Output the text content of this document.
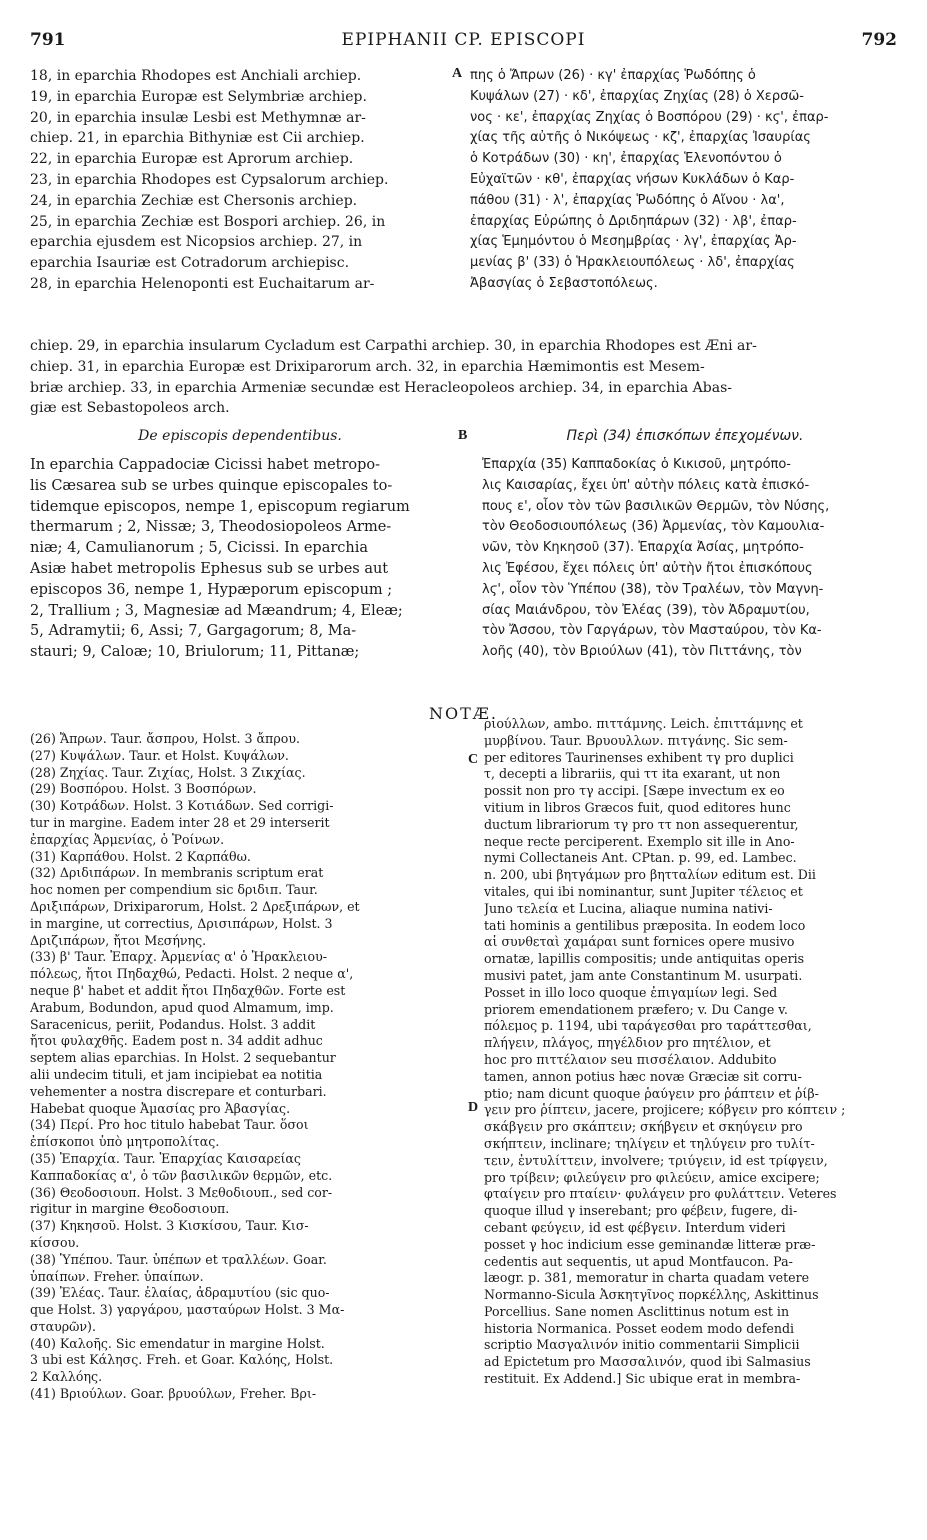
791	EPIPHANII CP. EPISCOPI	792
18, in eparchia Rhodopes est Anchiali archiep.
19, in eparchia Europæ est Selymbriæ archiep.
20, in eparchia insulæ Lesbi est Methymnæ ar-
chiep. 21, in eparchia Bithyniæ est Cii archiep.
22, in eparchia Europæ est Aprorum archiep.
23, in eparchia Rhodopes est Cypsalorum archiep.
24, in eparchia Zechiæ est Chersonis archiep.
25, in eparchia Zechiæ est Bospori archiep. 26, in
eparchia ejusdem est Nicopsios archiep. 27, in
eparchia Isauriæ est Cotradorum archiepisc.
28, in eparchia Helenoponti est Euchaitarum ar-
A πης ὁ Ἄπρων (26) · κγ' ἐπαρχίας Ῥωδόπης ὁ
Κυψάλων (27) · κδ', ἐπαρχίας Ζηχίας (28) ὁ Χερσῶ-
νος · κε', ἐπαρχίας Ζηχίας ὁ Βοσπόρου (29) · κϛ', ἐπαρ-
χίας τῆς αὐτῆς ὁ Νικόψεως · κζ', ἐπαρχίας Ἰσαυρίας
ὁ Κοτράδων (30) · κη', ἐπαρχίας Ἑλενοπόντου ὁ
Εὐχαϊτῶν · κθ', ἐπαρχίας νήσων Κυκλάδων ὁ Καρ-
πάθου (31) · λ', ἐπαρχίας Ῥωδόπης ὁ Αἴνου · λα',
ἐπαρχίας Εὐρώπης ὁ Δριδηπάρων (32) · λβ', ἐπαρ-
χίας Ἑμημόντου ὁ Μεσημβρίας · λγ', ἐπαρχίας Ἀρ-
μενίας β' (33) ὁ Ἡρακλειουπόλεως · λδ', ἐπαρχίας
Ἀβασγίας ὁ Σεβαστοπόλεως.
chiep. 29, in eparchia insularum Cycladum est Carpathi archiep. 30, in eparchia Rhodopes est Æni ar-
chiep. 31, in eparchia Europæ est Drixiparorum arch. 32, in eparchia Hæmimontis est Mesem-
briæ archiep. 33, in eparchia Armeniæ secundæ est Heracleopoleos archiep. 34, in eparchia Abas-
giæ est Sebastopoleos arch.
De episcopis dependentibus.	B	Περὶ (34) ἐπισκόπων ἐπεχομένων.
In eparchia Cappadociæ Cicissi habet metropo-
lis Cæsarea sub se urbes quinque episcopales to-
tidemque episcopos, nempe 1, episcopum regiarum
thermarum ; 2, Nissæ; 3, Theodosiopoleos Arme-
niæ; 4, Camulianorum ; 5, Cicissi. In eparchia
Asiæ habet metropolis Ephesus sub se urbes aut
episcopos 36, nempe 1, Hypæporum episcopum ;
2, Trallium ; 3, Magnesiæ ad Mæandrum; 4, Eleæ;
5, Adramytii; 6, Assi; 7, Gargagorum; 8, Ma-
stauri; 9, Caloæ; 10, Briulorum; 11, Pittanæ;
Ἐπαρχία (35) Καππαδοκίας ὁ Κικισοῦ, μητρόπο-
λις Καισαρίας, ἔχει ὑπ' αὐτὴν πόλεις κατὰ ἐπισκό-
πους ε', οἷον τὸν τῶν βασιλικῶν Θερμῶν, τὸν Νύσης,
τὸν Θεοδοσιουπόλεως (36) Ἀρμενίας, τὸν Καμουλια-
νῶν, τὸν Κηκησοῦ (37). Ἐπαρχία Ἀσίας, μητρόπο-
λις Ἐφέσου, ἔχει πόλεις ὑπ' αὐτὴν ἤτοι ἐπισκόπους
λϛ', οἷον τὸν Ὑπέπου (38), τὸν Τραλέων, τὸν Μαγνη-
σίας Μαιάνδρου, τὸν Ἐλέας (39), τὸν Ἀδραμυτίου,
τὸν Ἄσσου, τὸν Γαργάρων, τὸν Μασταύρου, τὸν Κα-
λοῆς (40), τὸν Βριούλων (41), τὸν Πιττάνης, τὸν
NOTÆ.
(26) Ἄπρων. Taur. ἄσπρου, Holst. 3 ἄπρου.
(27) Κυψάλων. Taur. et Holst. Κυψάλων.
(28) Ζηχίας. Taur. Ζιχίας, Holst. 3 Ζικχίας.
(29) Βοσπόρου. Holst. 3 Βοσπόρων.
(30) Κοτράδων. Holst. 3 Κοτιάδων. Sed corrigi-
tur in margine. Eadem inter 28 et 29 interserit
ἐπαρχίας Ἀρμενίας, ὁ Ῥοίνων.
(31) Καρπάθου. Holst. 2 Καρπάθω.
(32) Δριδιπάρων. In membranis scriptum erat
hoc nomen per compendium sic δριδιπ. Taur.
Δριξιπάρων, Drixiparorum, Holst. 2 Δρεξιπάρων, et
in margine, ut correctius, Δρισιπάρων, Holst. 3
Δριζιπάρων, ἤτοι Μεσήνης.
(33) β' Taur. Ἐπαρχ. Ἀρμενίας α' ὁ Ἡρακλειου-
πόλεως, ἤτοι Πηδαχθώ, Pedacti. Holst. 2 neque α',
neque β' habet et addit ἤτοι Πηδαχθῶν. Forte est
Arabum, Bodundon, apud quod Almamum, imp.
Saracenicus, periit, Podandus. Holst. 3 addit
ἤτοι φυλαχθῆς. Eadem post n. 34 addit adhuc
septem alias eparchias. In Holst. 2 sequebantur
alii undecim tituli, et jam incipiebat ea notitia
vehementer a nostra discrepare et conturbari.
Habebat quoque Ἀμασίας pro Ἀβασγίας.
(34) Περί. Pro hoc titulo habebat Taur. ὅσοι
ἐπίσκοποι ὑπὸ μητροπολίτας.
(35) Ἐπαρχία. Taur. Ἐπαρχίας Καισαρείας
Καππαδοκίας α', ὁ τῶν βασιλικῶν θερμῶν, etc.
(36) Θεοδοσιουπ. Holst. 3 Μεθοδιουπ., sed cor-
rigitur in margine Θεοδοσιουπ.
(37) Κηκησοῦ. Holst. 3 Κισκίσου, Taur. Κισ-
κίσσου.
(38) Ὑπέπου. Taur. ὑπέπων et τραλλέων. Goar.
ὑπαίπων. Freher. ὑπαίπων.
(39) Ἐλέας. Taur. ἐλαίας, ἀδραμυτίου (sic quo-
que Holst. 3) γαργάρου, μασταύρων Holst. 3 Μα-
σταυρῶν).
(40) Καλοῆς. Sic emendatur in margine Holst.
3 ubi est Κάλησς. Freh. et Goar. Καλόης, Holst.
2 Καλλόης.
(41) Βριούλων. Goar. βρυούλων, Freher. Βρι-
C
D
ριούλλων, ambo. πιττάμνης. Leich. ἐπιττάμνης et
μυρβίνου. Taur. Βρυουλλων. πιτγάνης. Sic sem-
per editores Taurinenses exhibent τγ pro duplici
τ, decepti a librariis, qui ττ ita exarant, ut non
possit non pro τγ accipi. [Sæpe invectum ex eo
vitium in libros Græcos fuit, quod editores hunc
ductum librariorum τγ pro ττ non assequerentur,
neque recte perciperent. Exemplo sit ille in Ano-
nymi Collectaneis Ant. CPtan. p. 99, ed. Lambec.
n. 200, ubi βητγάμων pro βητταλίων editum est. Dii
vitales, qui ibi nominantur, sunt Jupiter τέλειος et
Juno τελεία et Lucina, aliaque numina nativi-
tati hominis a gentilibus præposita. In eodem loco
αἱ συνθεταὶ χαμάραι sunt fornices opere musivo
ornatæ, lapillis compositis; unde antiquitas operis
musivi patet, jam ante Constantinum M. usurpati.
Posset in illo loco quoque ἐπιγαμίων legi. Sed
priorem emendationem præfero; v. Du Cange v.
πόλεμος p. 1194, ubi ταράγεσθαι pro ταράττεσθαι,
πλήγειν, πλάγος, πηγέλδιον pro πητέλιον, et
hoc pro πιττέλαιον seu πισσέλαιον. Addubito
tamen, annon potius hæc novæ Græciæ sit corru-
ptio; nam dicunt quoque ῥαύγειν pro ῥάπτειν et ῥίβ-
γειν pro ῥίπτειν, jacere, projicere; κόβγειν pro κόπτειν ;
σκάβγειν pro σκάπτειν; σκήβγειν et σκηύγειν pro
σκήπτειν, inclinare; τηλίγειν et τηλύγειν pro τυλίτ-
τειν, ἐντυλίττειν, involvere; τριύγειν, id est τρίφγειν,
pro τρίβειν; φιλεύγειν pro φιλεύειν, amice excipere;
φταίγειν pro πταίειν· φυλάγειν pro φυλάττειν. Veteres
quoque illud γ inserebant; pro φέβειν, fugere, di-
cebant φεύγειν, id est φέβγειν. Interdum videri
posset γ hoc indicium esse geminandæ litteræ præ-
cedentis aut sequentis, ut apud Montfaucon. Pa-
læogr. p. 381, memoratur in charta quadam vetere
Normanno-Sicula Ἀσκητγῖνος πορκέλλης, Askittinus
Porcellius. Sane nomen Asclittinus notum est in
historia Normanica. Posset eodem modo defendi
scriptio Μασγαλινόν initio commentarii Simplicii
ad Epictetum pro Μασσαλινόν, quod ibi Salmasius
restituit. Ex Addend.] Sic ubique erat in membra-
